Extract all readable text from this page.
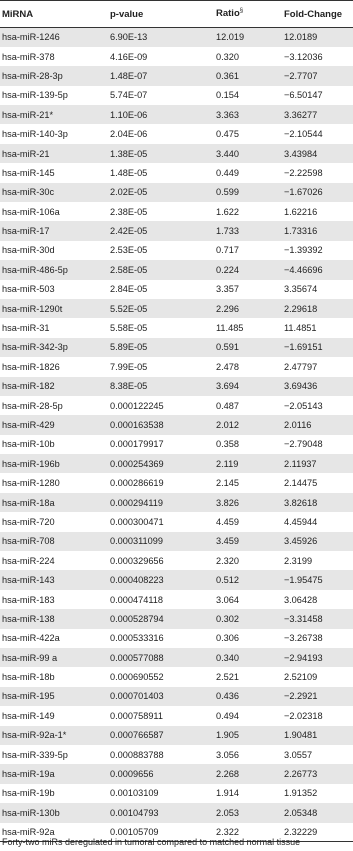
MiRNA	p-value	Ratio§	Fold-Change
hsa-miR-1246	6.90E-13	12.019	12.0189
hsa-miR-378	4.16E-09	0.320	−3.12036
hsa-miR-28-3p	1.48E-07	0.361	−2.7707
hsa-miR-139-5p	5.74E-07	0.154	−6.50147
hsa-miR-21*	1.10E-06	3.363	3.36277
hsa-miR-140-3p	2.04E-06	0.475	−2.10544
hsa-miR-21	1.38E-05	3.440	3.43984
hsa-miR-145	1.48E-05	0.449	−2.22598
hsa-miR-30c	2.02E-05	0.599	−1.67026
hsa-miR-106a	2.38E-05	1.622	1.62216
hsa-miR-17	2.42E-05	1.733	1.73316
hsa-miR-30d	2.53E-05	0.717	−1.39392
hsa-miR-486-5p	2.58E-05	0.224	−4.46696
hsa-miR-503	2.84E-05	3.357	3.35674
hsa-miR-1290t	5.52E-05	2.296	2.29618
hsa-miR-31	5.58E-05	11.485	11.4851
hsa-miR-342-3p	5.89E-05	0.591	−1.69151
hsa-miR-1826	7.99E-05	2.478	2.47797
hsa-miR-182	8.38E-05	3.694	3.69436
hsa-miR-28-5p	0.000122245	0.487	−2.05143
hsa-miR-429	0.000163538	2.012	2.0116
hsa-miR-10b	0.000179917	0.358	−2.79048
hsa-miR-196b	0.000254369	2.119	2.11937
hsa-miR-1280	0.000286619	2.145	2.14475
hsa-miR-18a	0.000294119	3.826	3.82618
hsa-miR-720	0.000300471	4.459	4.45944
hsa-miR-708	0.000311099	3.459	3.45926
hsa-miR-224	0.000329656	2.320	2.3199
hsa-miR-143	0.000408223	0.512	−1.95475
hsa-miR-183	0.000474118	3.064	3.06428
hsa-miR-138	0.000528794	0.302	−3.31458
hsa-miR-422a	0.000533316	0.306	−3.26738
hsa-miR-99 a	0.000577088	0.340	−2.94193
hsa-miR-18b	0.000690552	2.521	2.52109
hsa-miR-195	0.000701403	0.436	−2.2921
hsa-miR-149	0.000758911	0.494	−2.02318
hsa-miR-92a-1*	0.000766587	1.905	1.90481
hsa-miR-339-5p	0.000883788	3.056	3.0557
hsa-miR-19a	0.0009656	2.268	2.26773
hsa-miR-19b	0.00103109	1.914	1.91352
hsa-miR-130b	0.00104793	2.053	2.05348
hsa-miR-92a	0.00105709	2.322	2.32229
Forty-two miRs deregulated in tumoral compared to matched normal tissue
